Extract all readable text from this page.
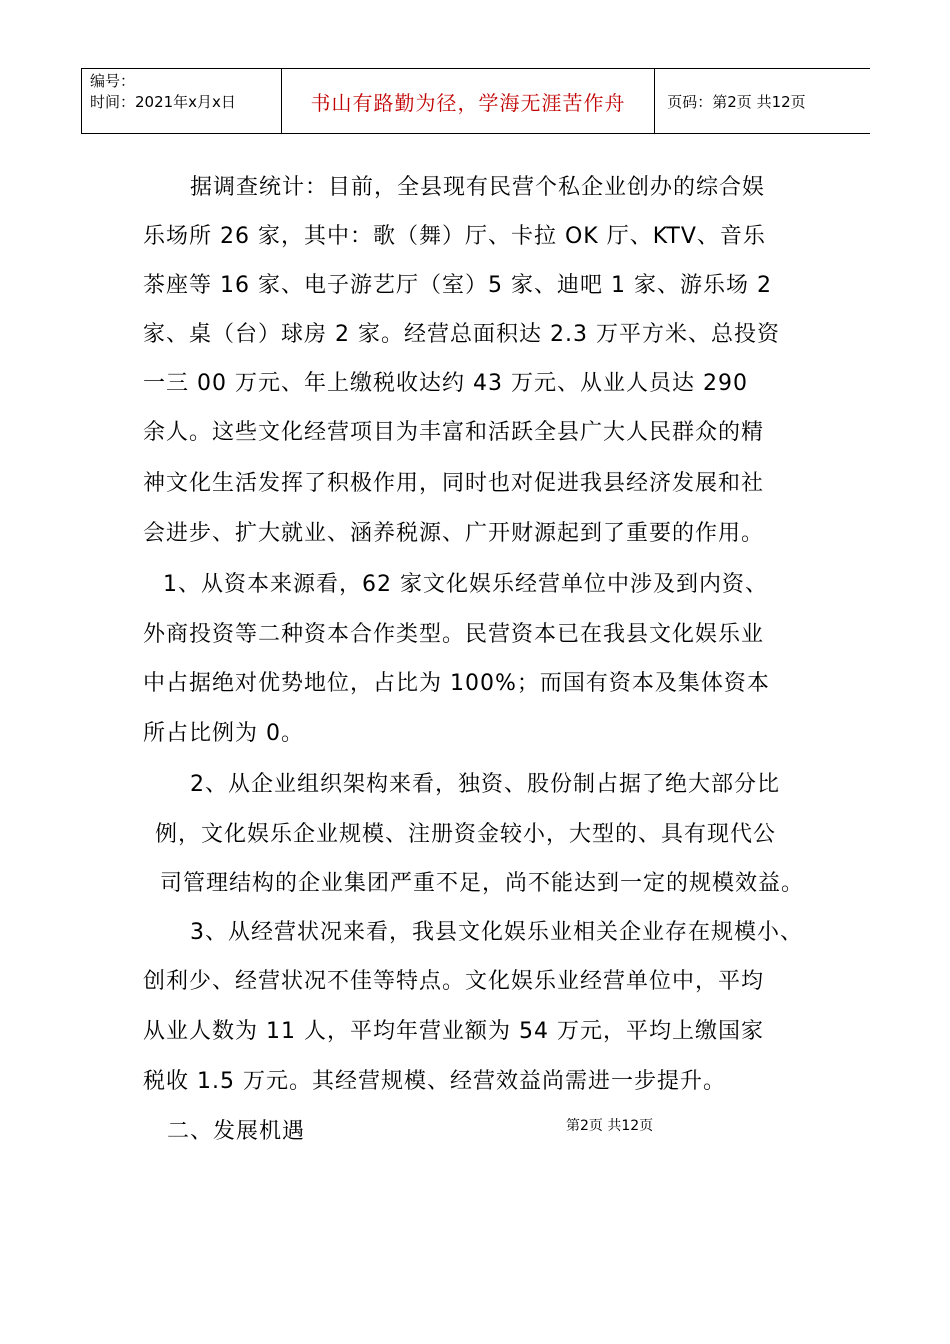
编号：
时间：2021年x月x日	书山有路勤为径，学海无涯苦作舟	页码：第2页 共12页
据调查统计：目前，全县现有民营个私企业创办的综合娱
乐场所 26 家，其中：歌（舞）厅、卡拉 OK 厅、KTV、音乐
茶座等 16 家、电子游艺厅（室）5 家、迪吧 1 家、游乐场 2
家、桌（台）球房 2 家。经营总面积达 2.3 万平方米、总投资
一三 00 万元、年上缴税收达约 43 万元、从业人员达 290
余人。这些文化经营项目为丰富和活跃全县广大人民群众的精
神文化生活发挥了积极作用，同时也对促进我县经济发展和社
会进步、扩大就业、涵养税源、广开财源起到了重要的作用。
1、从资本来源看，62 家文化娱乐经营单位中涉及到内资、
外商投资等二种资本合作类型。民营资本已在我县文化娱乐业
中占据绝对优势地位，占比为 100%；而国有资本及集体资本
所占比例为 0。
2、从企业组织架构来看，独资、股份制占据了绝大部分比
例，文化娱乐企业规模、注册资金较小，大型的、具有现代公
司管理结构的企业集团严重不足，尚不能达到一定的规模效益。
3、从经营状况来看，我县文化娱乐业相关企业存在规模小、
创利少、经营状况不佳等特点。文化娱乐业经营单位中，平均
从业人数为 11 人，平均年营业额为 54 万元，平均上缴国家
税收 1.5 万元。其经营规模、经营效益尚需进一步提升。
二、发展机遇	第2页 共12页
